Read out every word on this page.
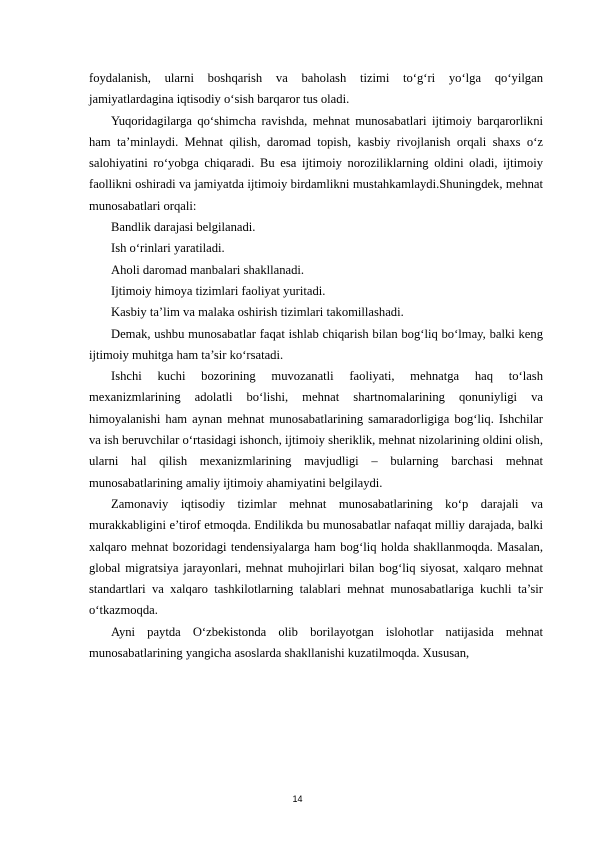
foydalanish, ularni boshqarish va baholash tizimi to‘g‘ri yo‘lga qo‘yilgan jamiyatlardagina iqtisodiy o‘sish barqaror tus oladi.

Yuqoridagilarga qo‘shimcha ravishda, mehnat munosabatlari ijtimoiy barqarorlikni ham ta’minlaydi. Mehnat qilish, daromad topish, kasbiy rivojlanish orqali shaxs o‘z salohiyatini ro‘yobga chiqaradi. Bu esa ijtimoiy noroziliklarning oldini oladi, ijtimoiy faollikni oshiradi va jamiyatda ijtimoiy birdamlikni mustahkamlaydi.Shuningdek, mehnat munosabatlari orqali:

Bandlik darajasi belgilanadi.

Ish o‘rinlari yaratiladi.

Aholi daromad manbalari shakllanadi.

Ijtimoiy himoya tizimlari faoliyat yuritadi.

Kasbiy ta’lim va malaka oshirish tizimlari takomillashadi.

Demak, ushbu munosabatlar faqat ishlab chiqarish bilan bog‘liq bo‘lmay, balki keng ijtimoiy muhitga ham ta’sir ko‘rsatadi.

Ishchi kuchi bozorining muvozanatli faoliyati, mehnatga haq to‘lash mexanizmlarining adolatli bo‘lishi, mehnat shartnomalarining qonuniyligi va himoyalanishi ham aynan mehnat munosabatlarining samaradorligiga bog‘liq. Ishchilar va ish beruvchilar o‘rtasidagi ishonch, ijtimoiy sheriklik, mehnat nizolarining oldini olish, ularni hal qilish mexanizmlarining mavjudligi – bularning barchasi mehnat munosabatlarining amaliy ijtimoiy ahamiyatini belgilaydi.

Zamonaviy iqtisodiy tizimlar mehnat munosabatlarining ko‘p darajali va murakkabligini e’tirof etmoqda. Endilikda bu munosabatlar nafaqat milliy darajada, balki xalqaro mehnat bozoridagi tendensiyalarga ham bog‘liq holda shakllanmoqda. Masalan, global migratsiya jarayonlari, mehnat muhojirlari bilan bog‘liq siyosat, xalqaro mehnat standartlari va xalqaro tashkilotlarning talablari mehnat munosabatlariga kuchli ta’sir o‘tkazmoqda.

Ayni paytda O‘zbekistonda olib borilayotgan islohotlar natijasida mehnat munosabatlarining yangicha asoslarda shakllanishi kuzatilmoqda. Xususan,

14
